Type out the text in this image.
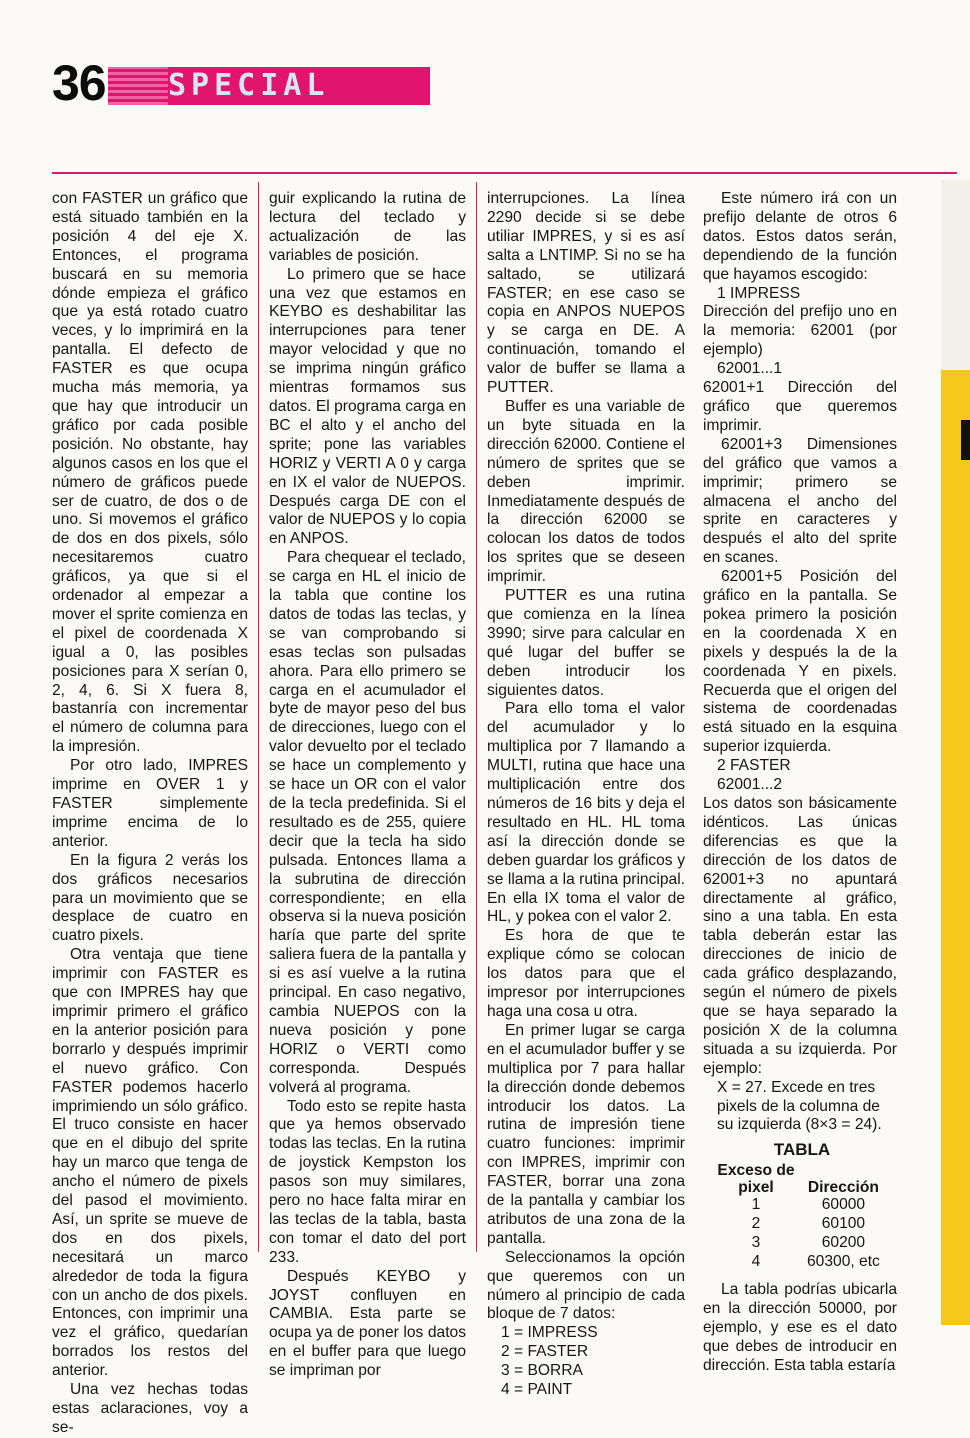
36 SPECIAL

con FASTER un gráfico que está situado también en la posición 4 del eje X. Entonces, el programa buscará en su memoria dónde empieza el gráfico que ya está rotado cuatro veces, y lo imprimirá en la pantalla. El defecto de FASTER es que ocupa mucha más memoria, ya que hay que introducir un gráfico por cada posible posición. No obstante, hay algunos casos en los que el número de gráficos puede ser de cuatro, de dos o de uno. Si movemos el gráfico de dos en dos pixels, sólo necesitaremos cuatro gráficos, ya que si el ordenador al empezar a mover el sprite comienza en el pixel de coordenada X igual a 0, las posibles posiciones para X serían 0, 2, 4, 6. Si X fuera 8, bastanría con incrementar el número de columna para la impresión.

Por otro lado, IMPRES imprime en OVER 1 y FASTER simplemente imprime encima de lo anterior.

En la figura 2 verás los dos gráficos necesarios para un movimiento que se desplace de cuatro en cuatro pixels.

Otra ventaja que tiene imprimir con FASTER es que con IMPRES hay que imprimir primero el gráfico en la anterior posición para borrarlo y después imprimir el nuevo gráfico. Con FASTER podemos hacerlo imprimiendo un sólo gráfico. El truco consiste en hacer que en el dibujo del sprite hay un marco que tenga de ancho el número de pixels del pasod el movimiento. Así, un sprite se mueve de dos en dos pixels, necesitará un marco alrededor de toda la figura con un ancho de dos pixels. Entonces, con imprimir una vez el gráfico, quedarían borrados los restos del anterior.

Una vez hechas todas estas aclaraciones, voy a se-

guir explicando la rutina de lectura del teclado y actualización de las variables de posición.

Lo primero que se hace una vez que estamos en KEYBO es deshabilitar las interrupciones para tener mayor velocidad y que no se imprima ningún gráfico mientras formamos sus datos. El programa carga en BC el alto y el ancho del sprite; pone las variables HORIZ y VERTI A 0 y carga en IX el valor de NUEPOS. Después carga DE con el valor de NUEPOS y lo copia en ANPOS.

Para chequear el teclado, se carga en HL el inicio de la tabla que contine los datos de todas las teclas, y se van comprobando si esas teclas son pulsadas ahora. Para ello primero se carga en el acumulador el byte de mayor peso del bus de direcciones, luego con el valor devuelto por el teclado se hace un complemento y se hace un OR con el valor de la tecla predefinida. Si el resultado es de 255, quiere decir que la tecla ha sido pulsada. Entonces llama a la subrutina de dirección correspondiente; en ella observa si la nueva posición haría que parte del sprite saliera fuera de la pantalla y si es así vuelve a la rutina principal. En caso negativo, cambia NUEPOS con la nueva posición y pone HORIZ o VERTI como corresponda. Después volverá al programa.

Todo esto se repite hasta que ya hemos observado todas las teclas. En la rutina de joystick Kempston los pasos son muy similares, pero no hace falta mirar en las teclas de la tabla, basta con tomar el dato del port 233.

Después KEYBO y JOYST confluyen en CAMBIA. Esta parte se ocupa ya de poner los datos en el buffer para que luego se impriman por

interrupciones. La línea 2290 decide si se debe utiliar IMPRES, y si es así salta a LNTIMP. Si no se ha saltado, se utilizará FASTER; en ese caso se copia en ANPOS NUEPOS y se carga en DE. A continuación, tomando el valor de buffer se llama a PUTTER.

Buffer es una variable de un byte situada en la dirección 62000. Contiene el número de sprites que se deben imprimir. Inmediatamente después de la dirección 62000 se colocan los datos de todos los sprites que se deseen imprimir.

PUTTER es una rutina que comienza en la línea 3990; sirve para calcular en qué lugar del buffer se deben introducir los siguientes datos.

Para ello toma el valor del acumulador y lo multiplica por 7 llamando a MULTI, rutina que hace una multiplicación entre dos números de 16 bits y deja el resultado en HL. HL toma así la dirección donde se deben guardar los gráficos y se llama a la rutina principal. En ella IX toma el valor de HL, y pokea con el valor 2.

Es hora de que te explique cómo se colocan los datos para que el impresor por interrupciones haga una cosa u otra.

En primer lugar se carga en el acumulador buffer y se multiplica por 7 para hallar la dirección donde debemos introducir los datos. La rutina de impresión tiene cuatro funciones: imprimir con IMPRES, imprimir con FASTER, borrar una zona de la pantalla y cambiar los atributos de una zona de la pantalla.

Seleccionamos la opción que queremos con un número al principio de cada bloque de 7 datos:

1 = IMPRESS
2 = FASTER
3 = BORRA
4 = PAINT

Este número irá con un prefijo delante de otros 6 datos. Estos datos serán, dependiendo de la función que hayamos escogido:

1 IMPRESS

Dirección del prefijo uno en la memoria: 62001 (por ejemplo)

62001...1

62001+1 Dirección del gráfico que queremos imprimir.

62001+3 Dimensiones del gráfico que vamos a imprimir; primero se almacena el ancho del sprite en caracteres y después el alto del sprite en scanes.

62001+5 Posición del gráfico en la pantalla. Se pokea primero la posición en la coordenada X en pixels y después la de la coordenada Y en pixels. Recuerda que el origen del sistema de coordenadas está situado en la esquina superior izquierda.

2 FASTER
62001...2

Los datos son básicamente idénticos. Las únicas diferencias es que la dirección de los datos de 62001+3 no apuntará directamente al gráfico, sino a una tabla. En esta tabla deberán estar las direcciones de inicio de cada gráfico desplazando, según el número de pixels que se haya separado la posición X de la columna situada a su izquierda. Por ejemplo:

X = 27. Excede en tres pixels de la columna de su izquierda (8×3 = 24).
TABLA
Exceso de pixel	Dirección
1	60000
2	60100
3	60200
4	60300, etc

La tabla podrías ubicarla en la dirección 50000, por ejemplo, y ese es el dato que debes de introducir en dirección. Esta tabla estaría
